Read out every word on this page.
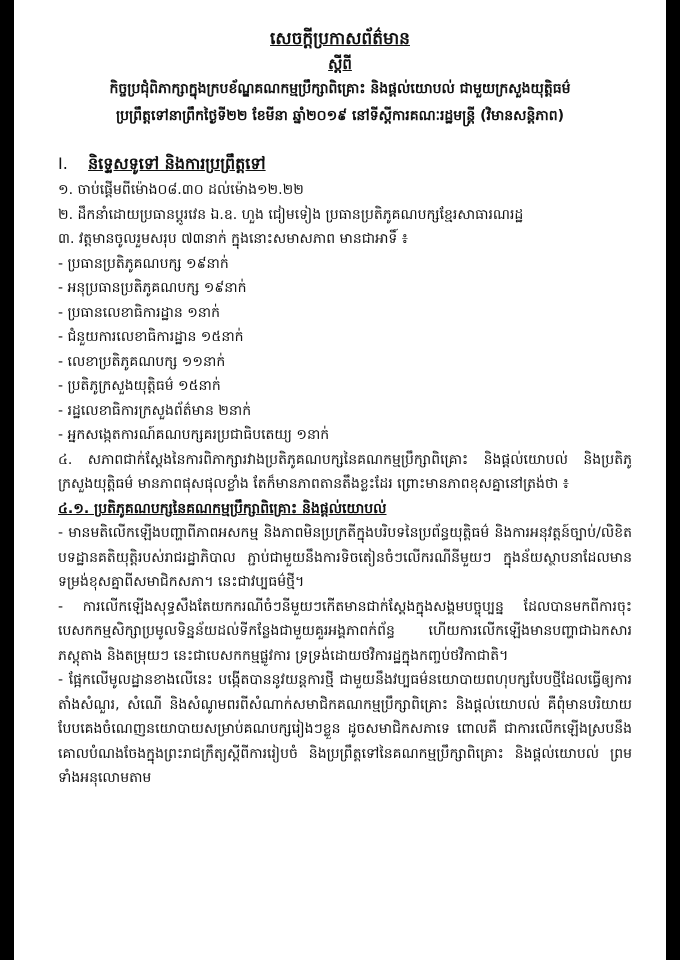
សេចក្តីប្រកាសព័ត៌មាន
ស្តីពី
កិច្ចប្រជុំពិភាក្សាក្នុងក្របខ័ណ្ឌគណកម្មប្រឹក្សាពិគ្រោះ និងផ្តល់យោបល់ ជាមួយក្រសួងយុត្តិធម៌
ប្រព្រឹត្តទៅនាព្រឹកថ្ងៃទី២២ ខែមីនា ឆ្នាំ២០១៩ នៅទីស្តីការគណៈរដ្ឋមន្ត្រី (វិមានសន្តិភាព)
I. និទ្ទេសទូទៅ និងការប្រព្រឹត្តទៅ
១. ចាប់ផ្តើមពីម៉ោង០៨.៣០ ដល់ម៉ោង១២.២២
២. ដឹកនាំដោយប្រធានប្តូរវេន ឯ.ឧ. ហួង ជៀមទៀង ប្រធានប្រតិភូគណបក្សខ្មែរសាធារណរដ្ឋ
៣. វត្តមានចូលរួមសរុប ៧៣នាក់ ក្នុងនោះសមាសភាព មានជាអាទិ៍ ៖
- ប្រធានប្រតិភូគណបក្ស ១៩នាក់
- អនុប្រធានប្រតិភូគណបក្ស ១៩នាក់
- ប្រធានលេខាធិការដ្ឋាន ១នាក់
- ជំនួយការលេខាធិការដ្ឋាន ១៥នាក់
- លេខាប្រតិភូគណបក្ស ១១នាក់
- ប្រតិភូក្រសួងយុត្តិធម៌ ១៥នាក់
- រដ្ឋលេខាធិការក្រសួងព័ត៌មាន ២នាក់
- អ្នកសង្កេតការណ៍គណបក្សគរប្រជាធិបតេយ្យ ១នាក់
៤. សភាពជាក់ស្តែងនៃការពិភាក្សារវាងប្រតិភូគណបក្សនៃគណកម្មប្រឹក្សាពិគ្រោះ និងផ្តល់យោបល់ និងប្រតិភូក្រសួងយុត្តិធម៌ មានភាពផុសផុលខ្លាំង តែក៏មានភាពតានតឹងខ្លះដែរ ព្រោះមានភាពខុសគ្នានៅត្រង់ថា ៖
៤.១. ប្រតិភូគណបក្សនៃគណកម្មប្រឹក្សាពិគ្រោះ និងផ្តល់យោបល់
- មានមតិលើកឡើងបញ្ហាពីភាពអសកម្ម និងភាពមិនប្រក្រតីក្នុងបរិបទនៃប្រព័ន្ធយុត្តិធម៌ និងការអនុវត្តន៍ច្បាប់/លិខិតបទដ្ឋានគតិយុត្តិរបស់រាជរដ្ឋាភិបាល ភ្ជាប់ជាមួយនឹងការទិចតៀនចំៗលើករណីនីមួយៗ ក្នុងន័យស្ថាបនាដែលមានទម្រង់ខុសគ្នាពីសមាជិកសភា។ នេះជាវប្បធម៌ថ្មី។
- ការលើកឡើងសុទ្ធសឹងតែយកករណីចំៗនីមួយៗកើតមានជាក់ស្តែងក្នុងសង្គមបច្ចុប្បន្ន ដែលបានមកពីការចុះបេសកកម្មសិក្សាប្រមូលទិន្នន័យដល់ទីកន្លែងជាមួយគួរអង្គភាពក់ព័ន្ធ ហើយការលើកឡើងមានបញ្ហាជាឯកសារភស្តុតាង និងតម្រុយៗ នេះជាបេសកកម្មផ្លូវការ ទ្រទ្រង់ដោយថវិការដ្ឋក្នុងកញ្ចប់ថវិកាជាតិ។
- ផ្អែកលើមូលដ្ឋានខាងលើនេះ បង្កើតបាននូវយន្តការថ្មី ជាមួយនឹងវប្បធម៌នយោបាយពហុបក្សបែបថ្មីដែលធ្វើឲ្យការតាំងសំណួរ, សំណើ និងសំណូមពរពីសំណាក់សមាជិកគណកម្មប្រឹក្សាពិគ្រោះ និងផ្តល់យោបល់ គឺពុំមានបរិយាយបែបគេងចំណេញនយោបាយសម្រាប់គណបក្សរៀងៗខ្លួន ដូចសមាជិកសភាទេ ពោលគឺ ជាការលើកឡើងស្របនឹងគោលបំណងចែងក្នុងព្រះរាជក្រឹត្យស្តីពីការរៀបចំ និងប្រព្រឹត្តទៅនៃគណកម្មប្រឹក្សាពិគ្រោះ និងផ្តល់យោបល់ ព្រមទាំងអនុលោមតាម
